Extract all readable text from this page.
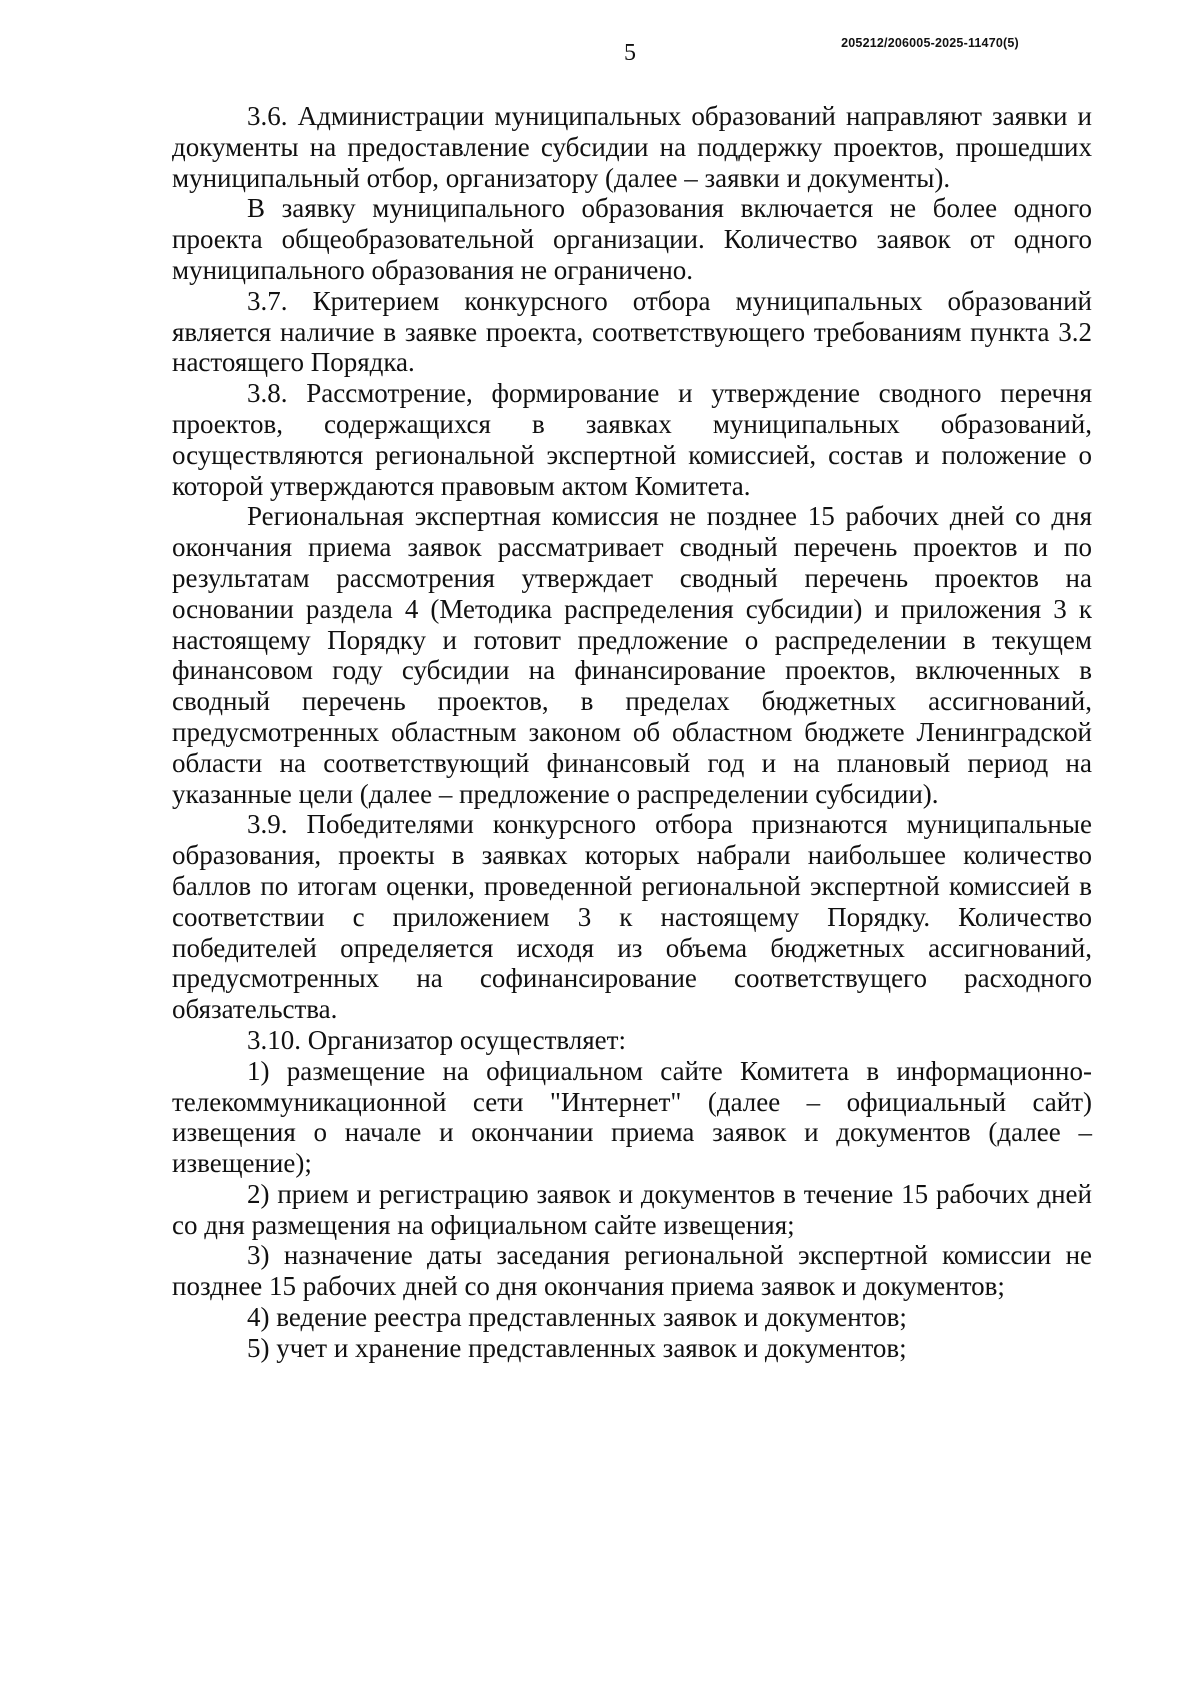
205212/206005-2025-11470(5)
5

3.6. Администрации муниципальных образований направляют заявки и документы на предоставление субсидии на поддержку проектов, прошедших муниципальный отбор, организатору (далее – заявки и документы).

В заявку муниципального образования включается не более одного проекта общеобразовательной организации. Количество заявок от одного муниципального образования не ограничено.

3.7. Критерием конкурсного отбора муниципальных образований является наличие в заявке проекта, соответствующего требованиям пункта 3.2 настоящего Порядка.

3.8. Рассмотрение, формирование и утверждение сводного перечня проектов, содержащихся в заявках муниципальных образований, осуществляются региональной экспертной комиссией, состав и положение о которой утверждаются правовым актом Комитета.

Региональная экспертная комиссия не позднее 15 рабочих дней со дня окончания приема заявок рассматривает сводный перечень проектов и по результатам рассмотрения утверждает сводный перечень проектов на основании раздела 4 (Методика распределения субсидии) и приложения 3 к настоящему Порядку и готовит предложение о распределении в текущем финансовом году субсидии на финансирование проектов, включенных в сводный перечень проектов, в пределах бюджетных ассигнований, предусмотренных областным законом об областном бюджете Ленинградской области на соответствующий финансовый год и на плановый период на указанные цели (далее – предложение о распределении субсидии).

3.9. Победителями конкурсного отбора признаются муниципальные образования, проекты в заявках которых набрали наибольшее количество баллов по итогам оценки, проведенной региональной экспертной комиссией в соответствии с приложением 3 к настоящему Порядку. Количество победителей определяется исходя из объема бюджетных ассигнований, предусмотренных на софинансирование соответствущего расходного обязательства.

3.10. Организатор осуществляет:

1) размещение на официальном сайте Комитета в информационно-телекоммуникационной сети "Интернет" (далее – официальный сайт) извещения о начале и окончании приема заявок и документов (далее – извещение);

2) прием и регистрацию заявок и документов в течение 15 рабочих дней со дня размещения на официальном сайте извещения;

3) назначение даты заседания региональной экспертной комиссии не позднее 15 рабочих дней со дня окончания приема заявок и документов;

4) ведение реестра представленных заявок и документов;

5) учет и хранение представленных заявок и документов;
